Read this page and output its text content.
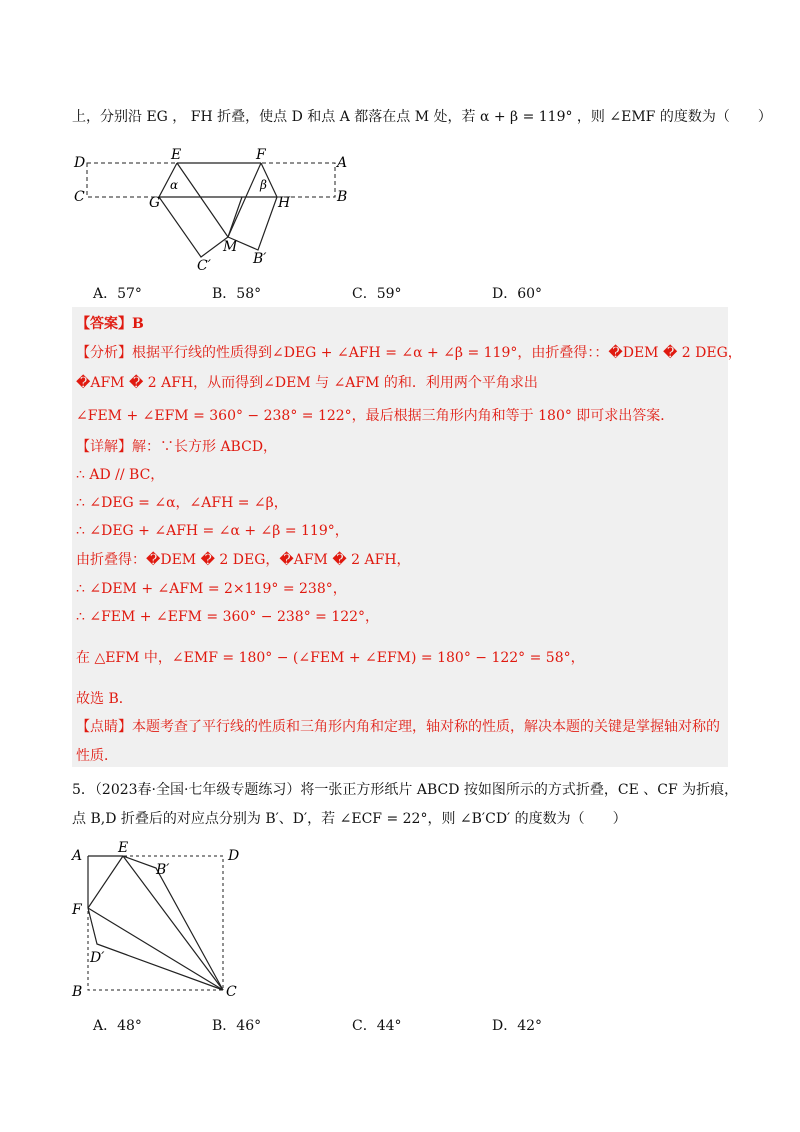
上，分别沿 EG ， FH 折叠，使点 D 和点 A 都落在点 M 处，若 α + β = 119° ，则 ∠EMF 的度数为（　　）
D	E	F	A
C	G	H	B
M
C′	B′
α	β
A．57°	B．58°	C．59°	D．60°
【答案】B
【分析】根据平行线的性质得到∠DEG + ∠AFH = ∠α + ∠β = 119°，由折叠得：：�DEM � 2 DEG，
�AFM � 2 AFH，从而得到∠DEM 与 ∠AFM 的和．利用两个平角求出
∠FEM + ∠EFM = 360° − 238° = 122°，最后根据三角形内角和等于 180° 即可求出答案．
【详解】解：∵长方形 ABCD，
∴ AD // BC，
∴ ∠DEG = ∠α，∠AFH = ∠β，
∴ ∠DEG + ∠AFH = ∠α + ∠β = 119°，
由折叠得：�DEM � 2 DEG，�AFM � 2 AFH，
∴ ∠DEM + ∠AFM = 2×119° = 238°，
∴ ∠FEM + ∠EFM = 360° − 238° = 122°，
在 △EFM 中，∠EMF = 180° − (∠FEM + ∠EFM) = 180° − 122° = 58°，
故选 B．
【点睛】本题考查了平行线的性质和三角形内角和定理，轴对称的性质，解决本题的关键是掌握轴对称的
性质．
5．（2023春·全国·七年级专题练习）将一张正方形纸片 ABCD 按如图所示的方式折叠，CE 、CF 为折痕，
点 B,D 折叠后的对应点分别为 B′、D′，若 ∠ECF = 22°，则 ∠B′CD′ 的度数为（　　）
A	E	D
B′
F
D′
B	C
A．48°	B．46°	C．44°	D．42°
